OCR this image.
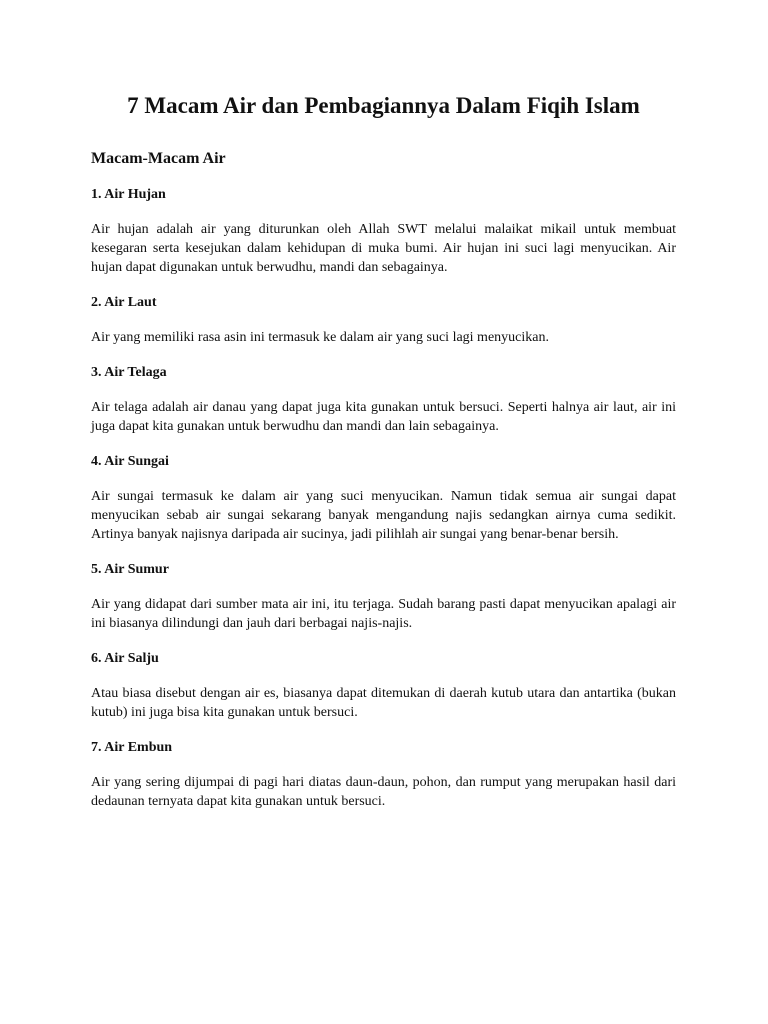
7 Macam Air dan Pembagiannya Dalam Fiqih Islam
Macam-Macam Air
1. Air Hujan

Air hujan adalah air yang diturunkan oleh Allah SWT melalui malaikat mikail untuk membuat kesegaran serta kesejukan dalam kehidupan di muka bumi. Air hujan ini suci lagi menyucikan. Air hujan dapat digunakan untuk berwudhu, mandi dan sebagainya.

2. Air Laut

Air yang memiliki rasa asin ini termasuk ke dalam air yang suci lagi menyucikan.

3. Air Telaga

Air telaga adalah air danau yang dapat juga kita gunakan untuk bersuci. Seperti halnya air laut, air ini juga dapat kita gunakan untuk berwudhu dan mandi dan lain sebagainya.

4. Air Sungai

Air sungai termasuk ke dalam air yang suci menyucikan. Namun tidak semua air sungai dapat menyucikan sebab air sungai sekarang banyak mengandung najis sedangkan airnya cuma sedikit. Artinya banyak najisnya daripada air sucinya, jadi pilihlah air sungai yang benar-benar bersih.

5. Air Sumur

Air yang didapat dari sumber mata air ini, itu terjaga. Sudah barang pasti dapat menyucikan apalagi air ini biasanya dilindungi dan jauh dari berbagai najis-najis.

6. Air Salju

Atau biasa disebut dengan air es, biasanya dapat ditemukan di daerah kutub utara dan antartika (bukan kutub) ini juga bisa kita gunakan untuk bersuci.

7. Air Embun

Air yang sering dijumpai di pagi hari diatas daun-daun, pohon, dan rumput yang merupakan hasil dari dedaunan ternyata dapat kita gunakan untuk bersuci.
